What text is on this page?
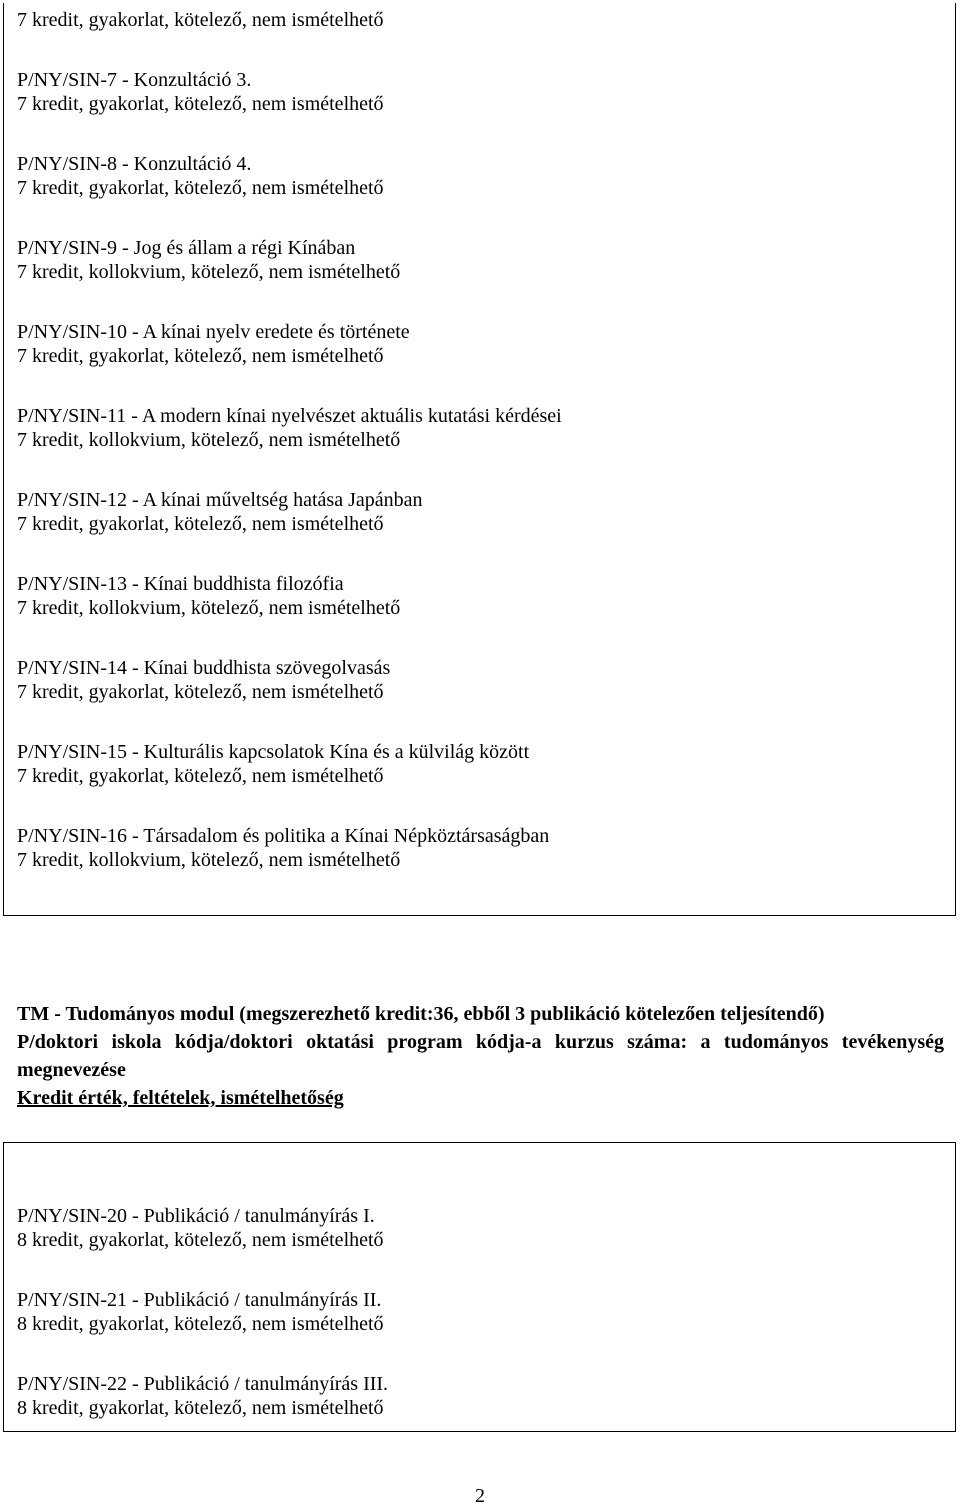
7 kredit, gyakorlat, kötelező, nem ismételhető
P/NY/SIN-7 - Konzultáció 3.
7 kredit, gyakorlat, kötelező, nem ismételhető
P/NY/SIN-8 - Konzultáció 4.
7 kredit, gyakorlat, kötelező, nem ismételhető
P/NY/SIN-9 - Jog és állam a régi Kínában
7 kredit, kollokvium, kötelező, nem ismételhető
P/NY/SIN-10 - A kínai nyelv eredete és története
7 kredit, gyakorlat, kötelező, nem ismételhető
P/NY/SIN-11 - A modern kínai nyelvészet aktuális kutatási kérdései
7 kredit, kollokvium, kötelező, nem ismételhető
P/NY/SIN-12 - A kínai műveltség hatása Japánban
7 kredit, gyakorlat, kötelező, nem ismételhető
P/NY/SIN-13 - Kínai buddhista filozófia
7 kredit, kollokvium, kötelező, nem ismételhető
P/NY/SIN-14 - Kínai buddhista szövegolvasás
7 kredit, gyakorlat, kötelező, nem ismételhető
P/NY/SIN-15 - Kulturális kapcsolatok Kína és a külvilág között
7 kredit, gyakorlat, kötelező, nem ismételhető
P/NY/SIN-16 - Társadalom és politika a Kínai Népköztársaságban
7 kredit, kollokvium, kötelező, nem ismételhető

TM - Tudományos modul (megszerezhető kredit:36, ebből 3 publikáció kötelezően teljesítendő)

P/doktori iskola kódja/doktori oktatási program kódja-a kurzus száma: a tudományos tevékenység megnevezése

Kredit érték, feltételek, ismételhetőség

P/NY/SIN-20 - Publikáció / tanulmányírás I.
8 kredit, gyakorlat, kötelező, nem ismételhető
P/NY/SIN-21 - Publikáció / tanulmányírás II.
8 kredit, gyakorlat, kötelező, nem ismételhető
P/NY/SIN-22 - Publikáció / tanulmányírás III.
8 kredit, gyakorlat, kötelező, nem ismételhető
2
